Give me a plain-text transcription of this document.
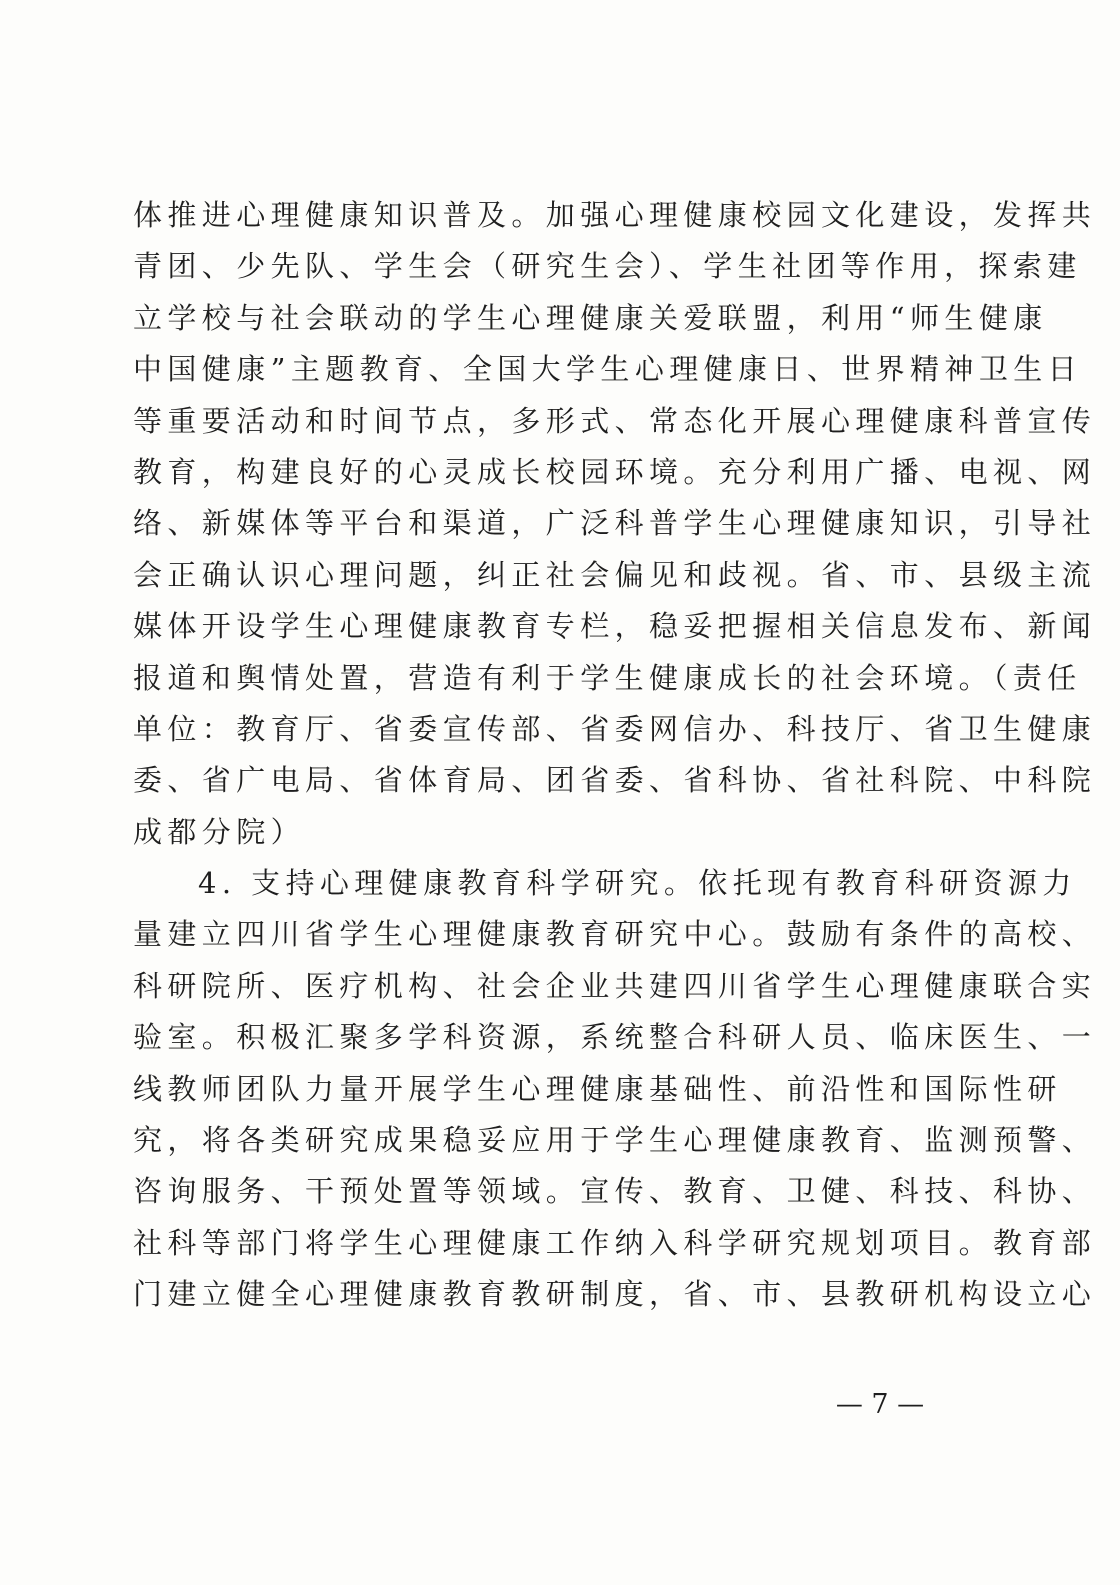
体推进心理健康知识普及。加强心理健康校园文化建设，发挥共
青团、少先队、学生会（研究生会）、学生社团等作用，探索建
立学校与社会联动的学生心理健康关爱联盟，利用“师生健康
中国健康”主题教育、全国大学生心理健康日、世界精神卫生日
等重要活动和时间节点，多形式、常态化开展心理健康科普宣传
教育，构建良好的心灵成长校园环境。充分利用广播、电视、网
络、新媒体等平台和渠道，广泛科普学生心理健康知识，引导社
会正确认识心理问题，纠正社会偏见和歧视。省、市、县级主流
媒体开设学生心理健康教育专栏，稳妥把握相关信息发布、新闻
报道和舆情处置，营造有利于学生健康成长的社会环境。（责任
单位：教育厅、省委宣传部、省委网信办、科技厅、省卫生健康
委、省广电局、省体育局、团省委、省科协、省社科院、中科院
成都分院）
4. 支持心理健康教育科学研究。依托现有教育科研资源力
量建立四川省学生心理健康教育研究中心。鼓励有条件的高校、
科研院所、医疗机构、社会企业共建四川省学生心理健康联合实
验室。积极汇聚多学科资源，系统整合科研人员、临床医生、一
线教师团队力量开展学生心理健康基础性、前沿性和国际性研
究，将各类研究成果稳妥应用于学生心理健康教育、监测预警、
咨询服务、干预处置等领域。宣传、教育、卫健、科技、科协、
社科等部门将学生心理健康工作纳入科学研究规划项目。教育部
门建立健全心理健康教育教研制度，省、市、县教研机构设立心
— 7 —
